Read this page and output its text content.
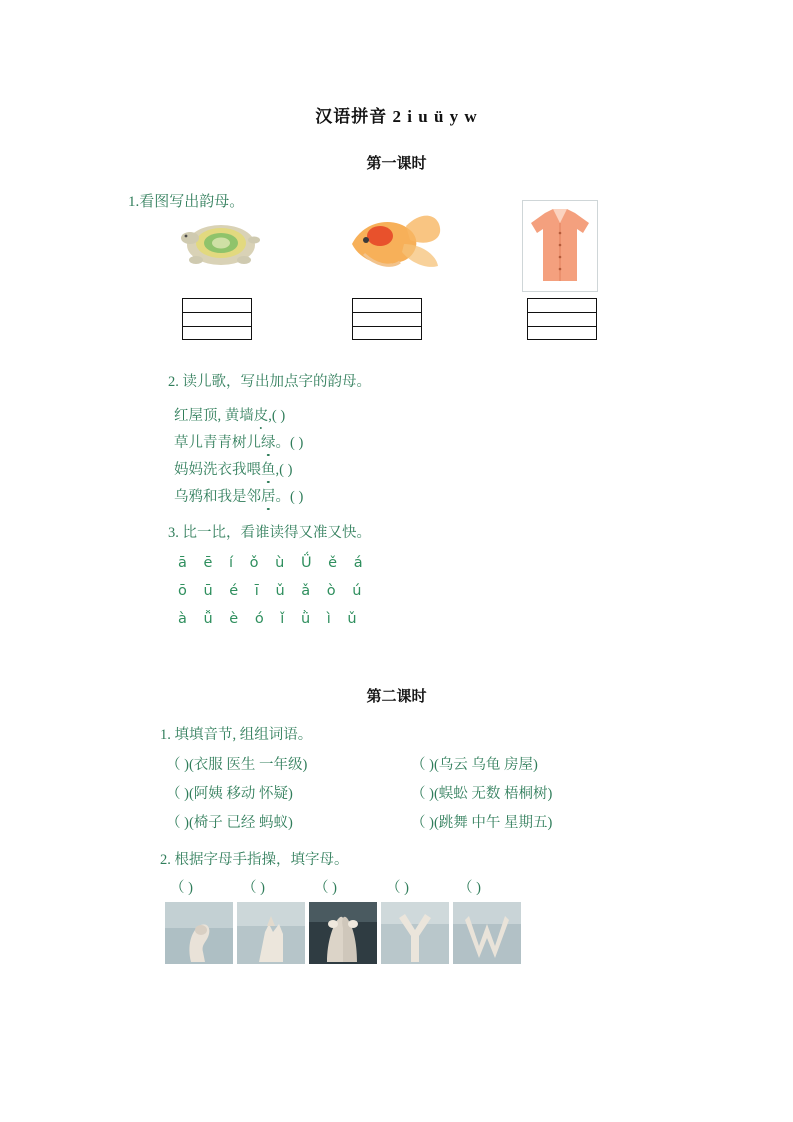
汉语拼音 2 i u ü y w
第一课时
1.看图写出韵母。
2. 读儿歌，写出加点字的韵母。
红屋顶, 黄墙皮,( )
草儿青青树儿绿。( )
妈妈洗衣我喂鱼,( )
乌鸦和我是邻居。( )
3. 比一比，看谁读得又准又快。
ā ē í ǒ ù Ǘ ě á
ō ū é ī ǔ ǎ ò ú
à ǚ è ó ǐ ǜ ì ǔ
第二课时
1. 填填音节, 组组词语。
（ )(衣服 医生 一年级)	（ )(乌云 乌龟 房屋)
（ )(阿姨 移动 怀疑)	（ )(蜈蚣 无数 梧桐树)
（ )(椅子 已经 蚂蚁)	（ )(跳舞 中午 星期五)
2. 根据字母手指操，填字母。
（ )	（ )	（ )	（ )	（ )
